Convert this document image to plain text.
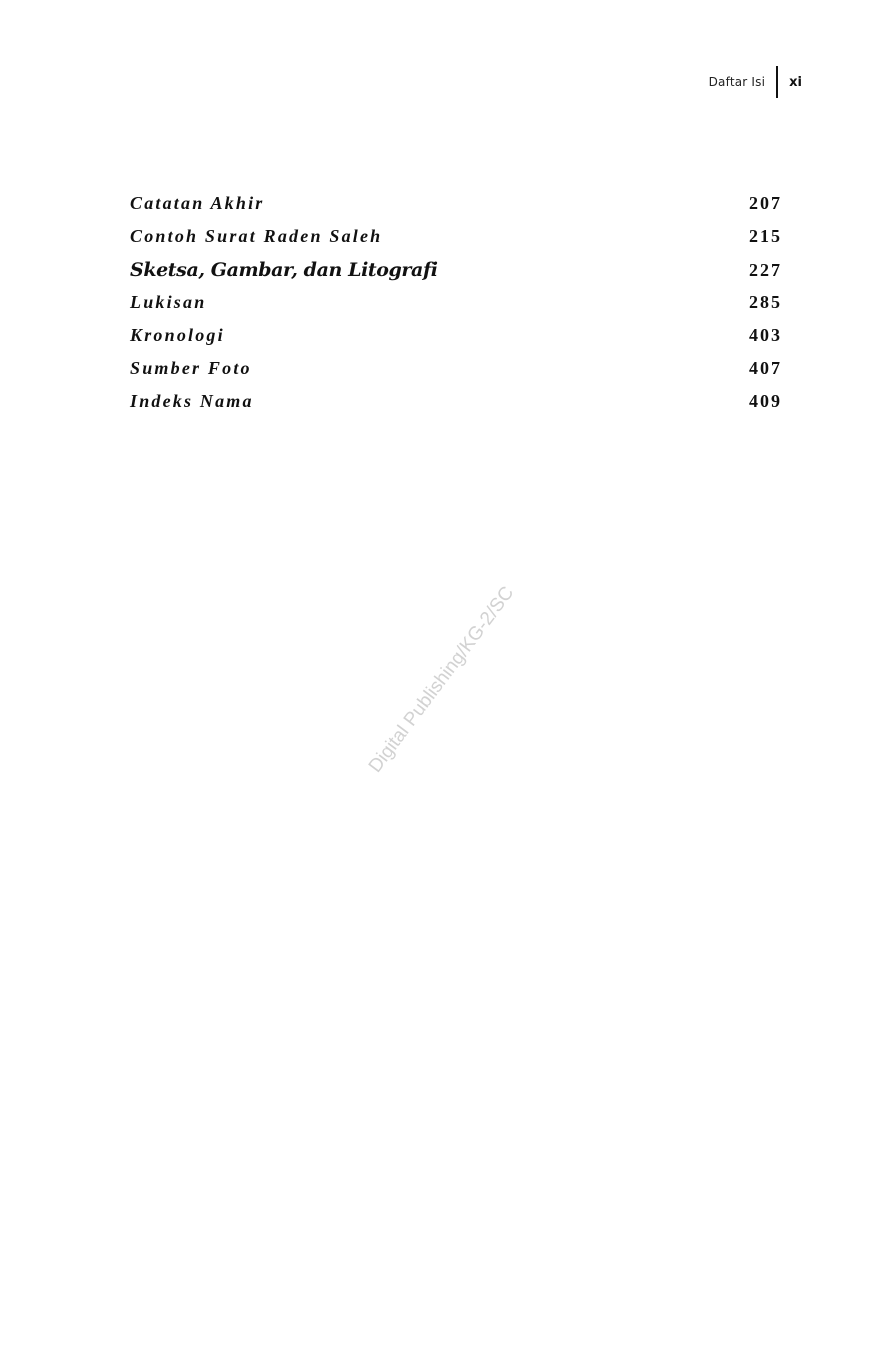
Daftar Isi	xi
Catatan Akhir	207
Contoh Surat Raden Saleh	215
Sketsa, Gambar, dan Litografi	227
Lukisan	285
Kronologi	403
Sumber Foto	407
Indeks Nama	409
Digital Publishing/KG-2/SC
